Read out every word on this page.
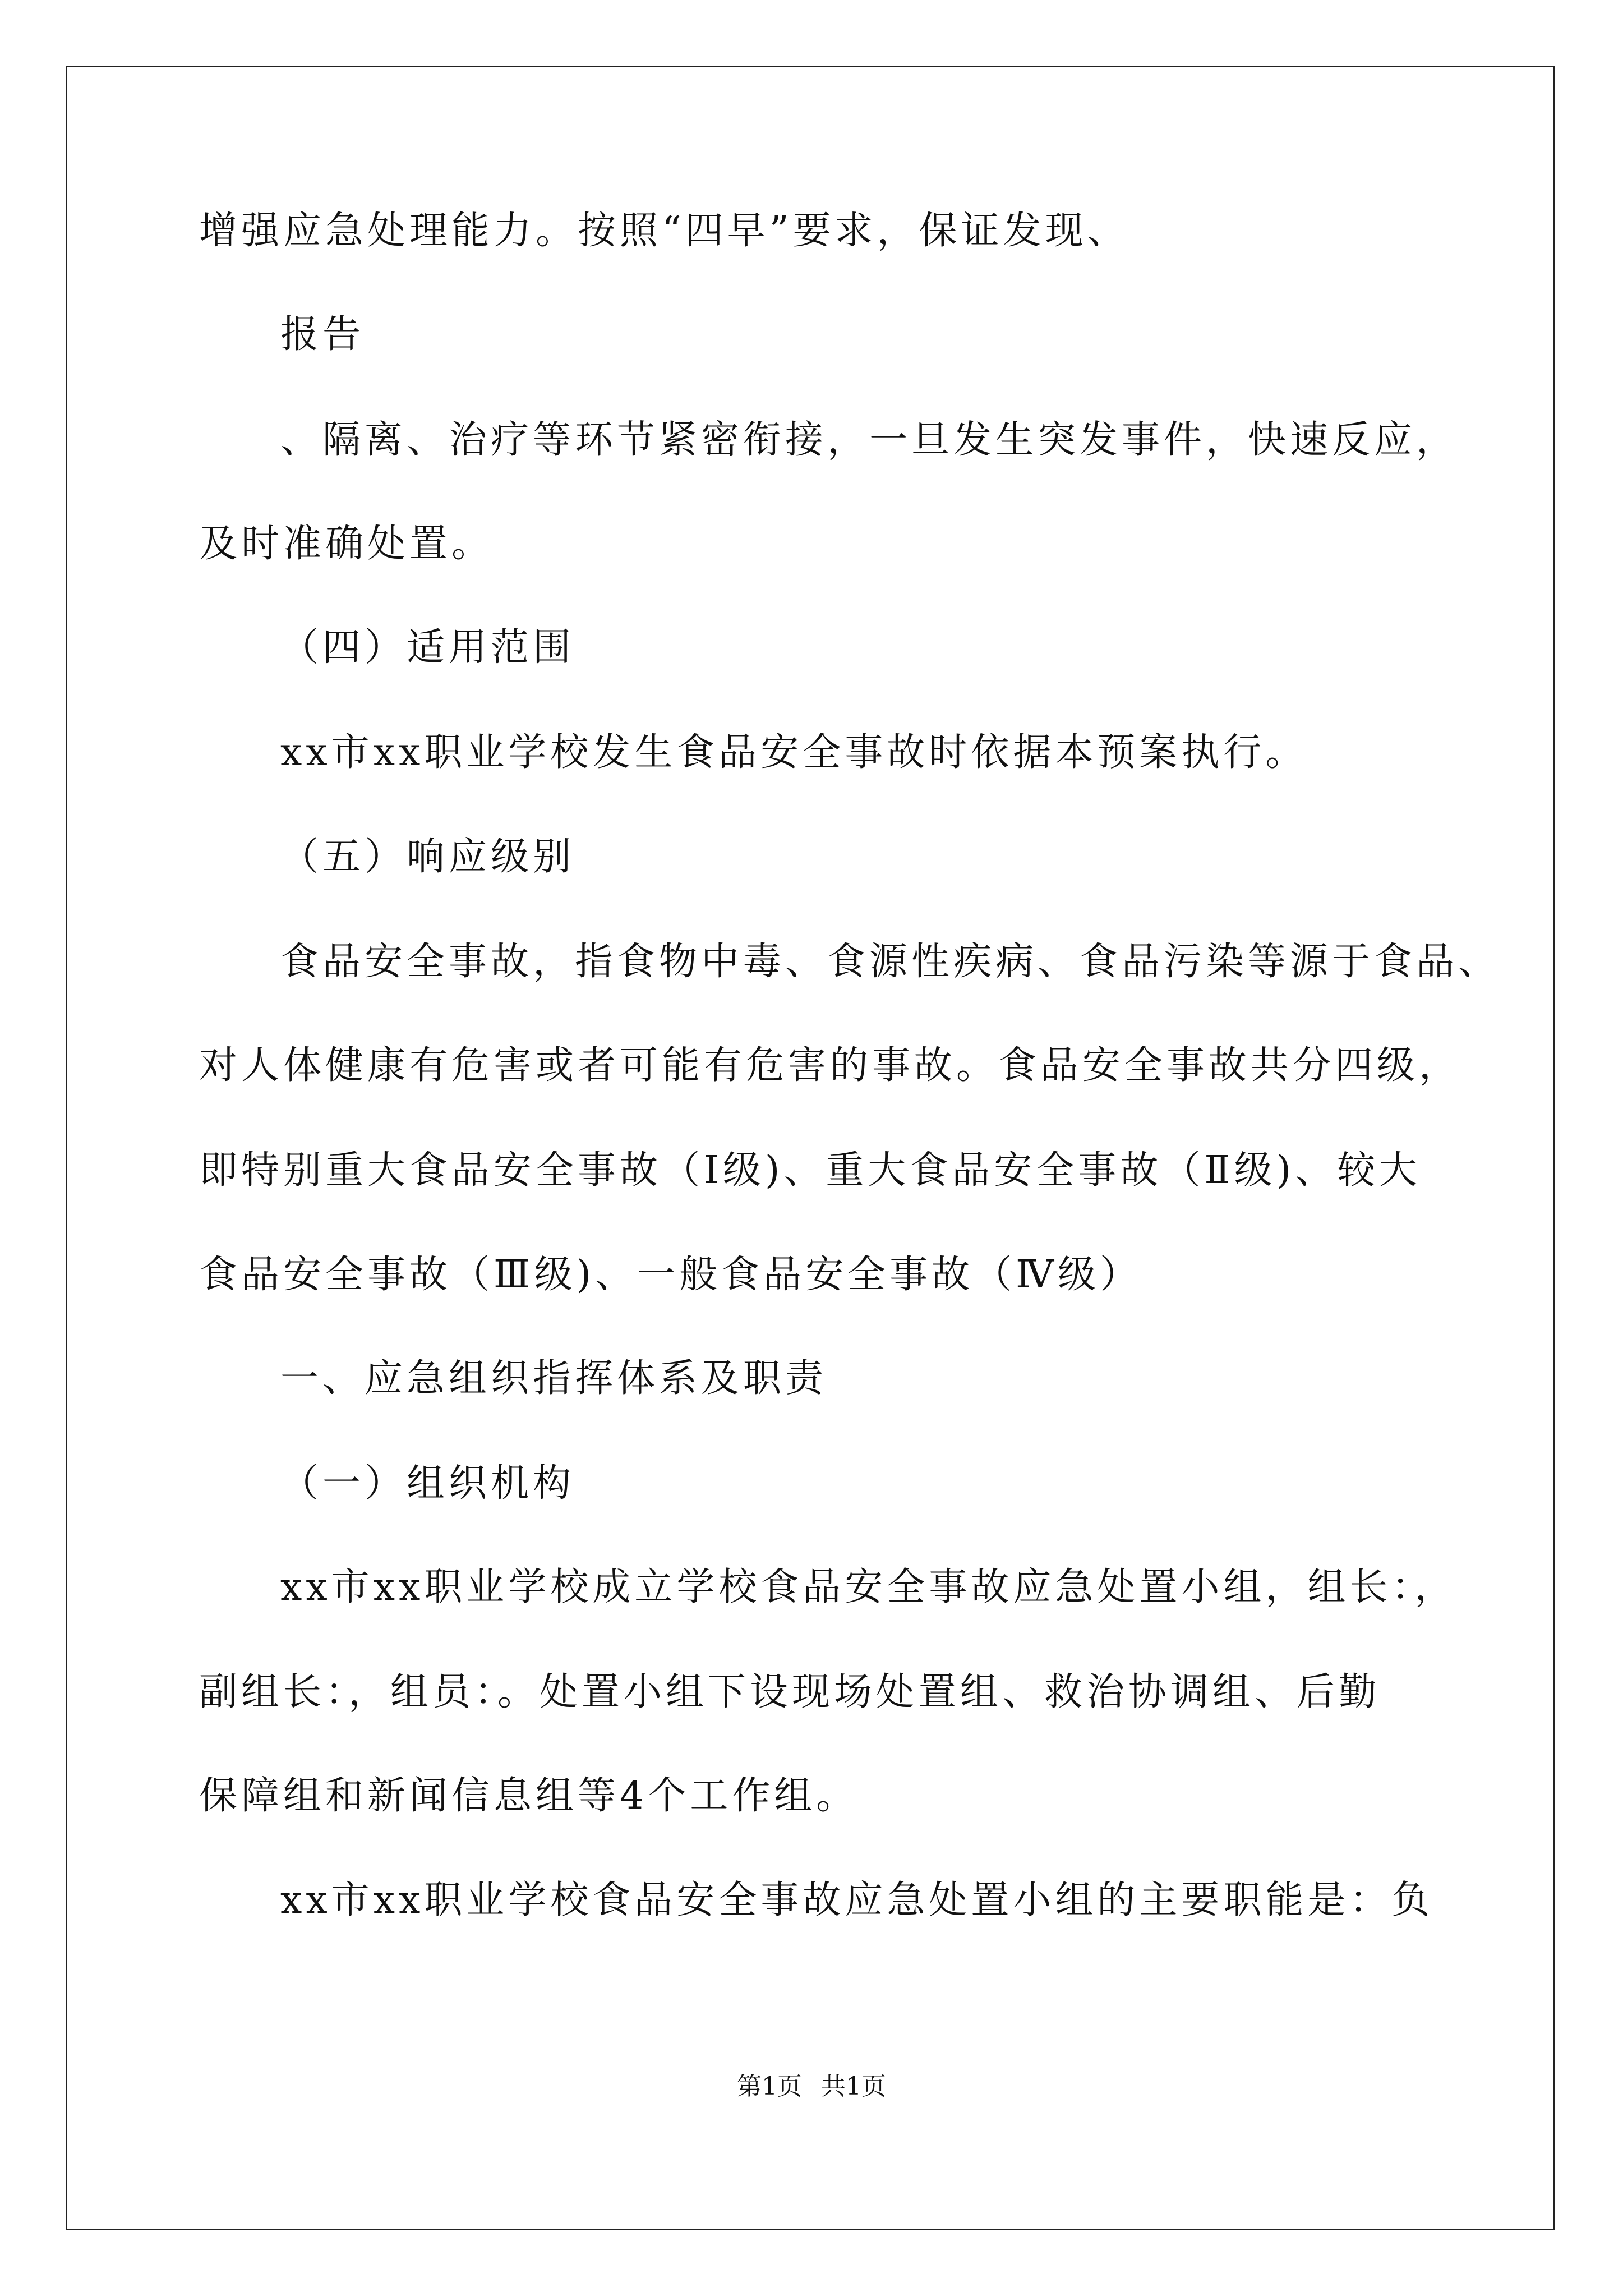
增强应急处理能力。按照“四早”要求，保证发现、
报告
、隔离、治疗等环节紧密衔接，一旦发生突发事件，快速反应，
及时准确处置。
（四）适用范围
xx市xx职业学校发生食品安全事故时依据本预案执行。
（五）响应级别
食品安全事故，指食物中毒、食源性疾病、食品污染等源于食品、
对人体健康有危害或者可能有危害的事故。食品安全事故共分四级，
即特别重大食品安全事故（Ⅰ级)、重大食品安全事故（Ⅱ级)、较大
食品安全事故（Ⅲ级)、一般食品安全事故（Ⅳ级）
一、应急组织指挥体系及职责
（一）组织机构
xx市xx职业学校成立学校食品安全事故应急处置小组，组长：，
副组长：，组员：。处置小组下设现场处置组、救治协调组、后勤
保障组和新闻信息组等4个工作组。
xx市xx职业学校食品安全事故应急处置小组的主要职能是：负
第1页 共1页
